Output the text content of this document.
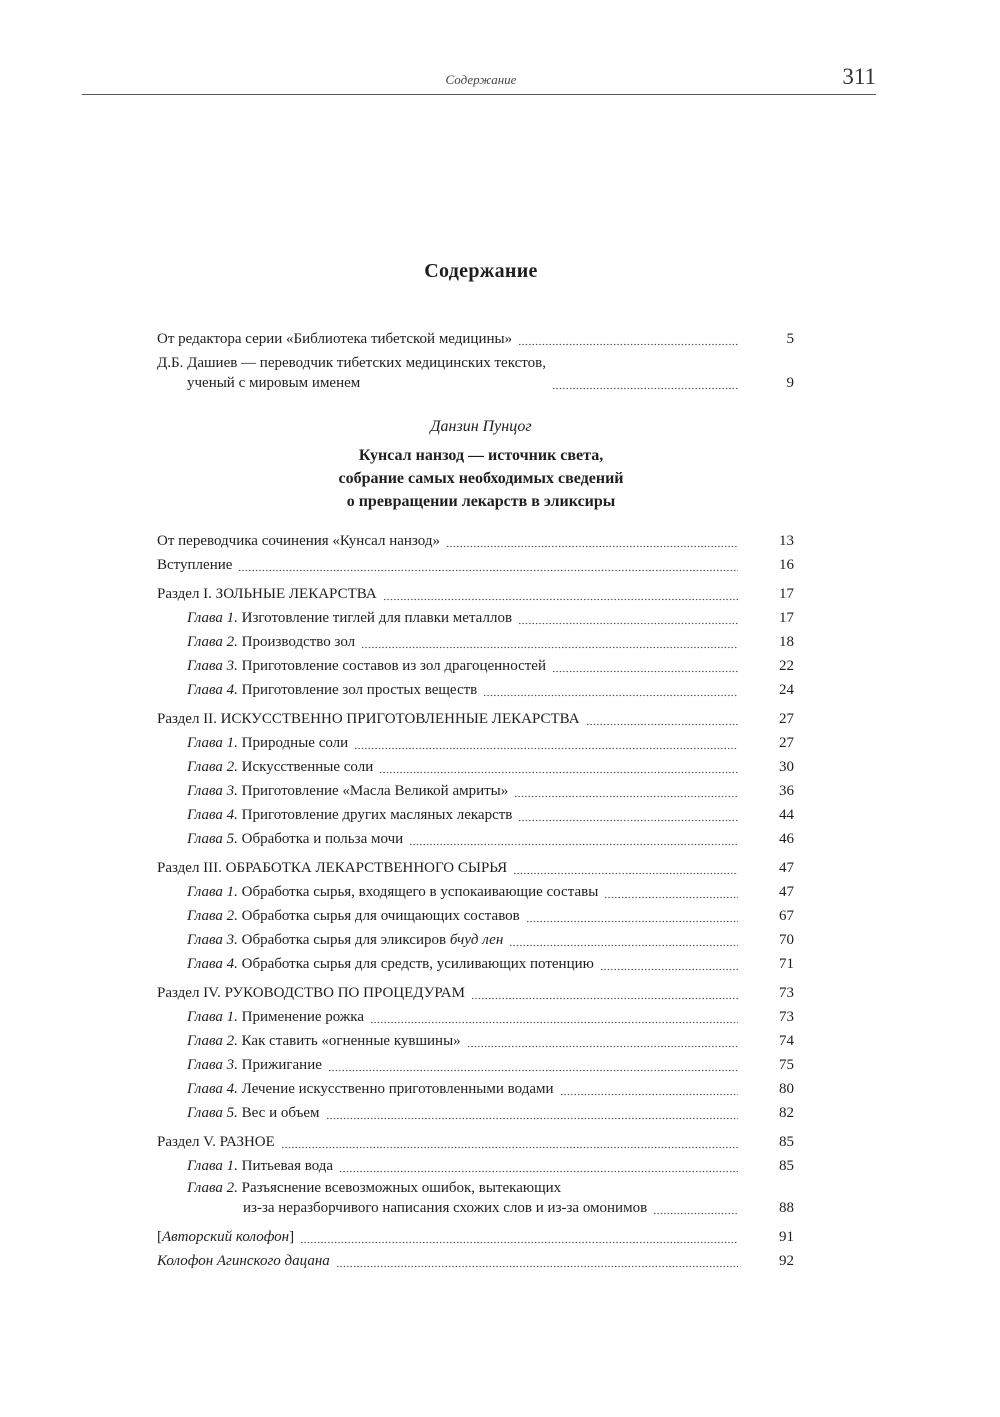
Содержание	311
Содержание
От редактора серии «Библиотека тибетской медицины»	5
Д.Б. Дашиев — переводчик тибетских медицинских текстов,
ученый с мировым именем	9
Данзин Пунцог
Кунсал нанзод — источник света,
собрание самых необходимых сведений
о превращении лекарств в эликсиры
От переводчика сочинения «Кунсал нанзод»	13
Вступление	16
Раздел I. ЗОЛЬНЫЕ ЛЕКАРСТВА	17
Глава 1. Изготовление тиглей для плавки металлов	17
Глава 2. Производство зол	18
Глава 3. Приготовление составов из зол драгоценностей	22
Глава 4. Приготовление зол простых веществ	24
Раздел II. ИСКУССТВЕННО ПРИГОТОВЛЕННЫЕ ЛЕКАРСТВА	27
Глава 1. Природные соли	27
Глава 2. Искусственные соли	30
Глава 3. Приготовление «Масла Великой амриты»	36
Глава 4. Приготовление других масляных лекарств	44
Глава 5. Обработка и польза мочи	46
Раздел III. ОБРАБОТКА ЛЕКАРСТВЕННОГО СЫРЬЯ	47
Глава 1. Обработка сырья, входящего в успокаивающие составы	47
Глава 2. Обработка сырья для очищающих составов	67
Глава 3. Обработка сырья для эликсиров бчуд лен	70
Глава 4. Обработка сырья для средств, усиливающих потенцию	71
Раздел IV. РУКОВОДСТВО ПО ПРОЦЕДУРАМ	73
Глава 1. Применение рожка	73
Глава 2. Как ставить «огненные кувшины»	74
Глава 3. Прижигание	75
Глава 4. Лечение искусственно приготовленными водами	80
Глава 5. Вес и объем	82
Раздел V. РАЗНОЕ	85
Глава 1. Питьевая вода	85
Глава 2. Разъяснение всевозможных ошибок, вытекающих
из-за неразборчивого написания схожих слов и из-за омонимов	88
[Авторский колофон]	91
Колофон Агинского дацана	92
